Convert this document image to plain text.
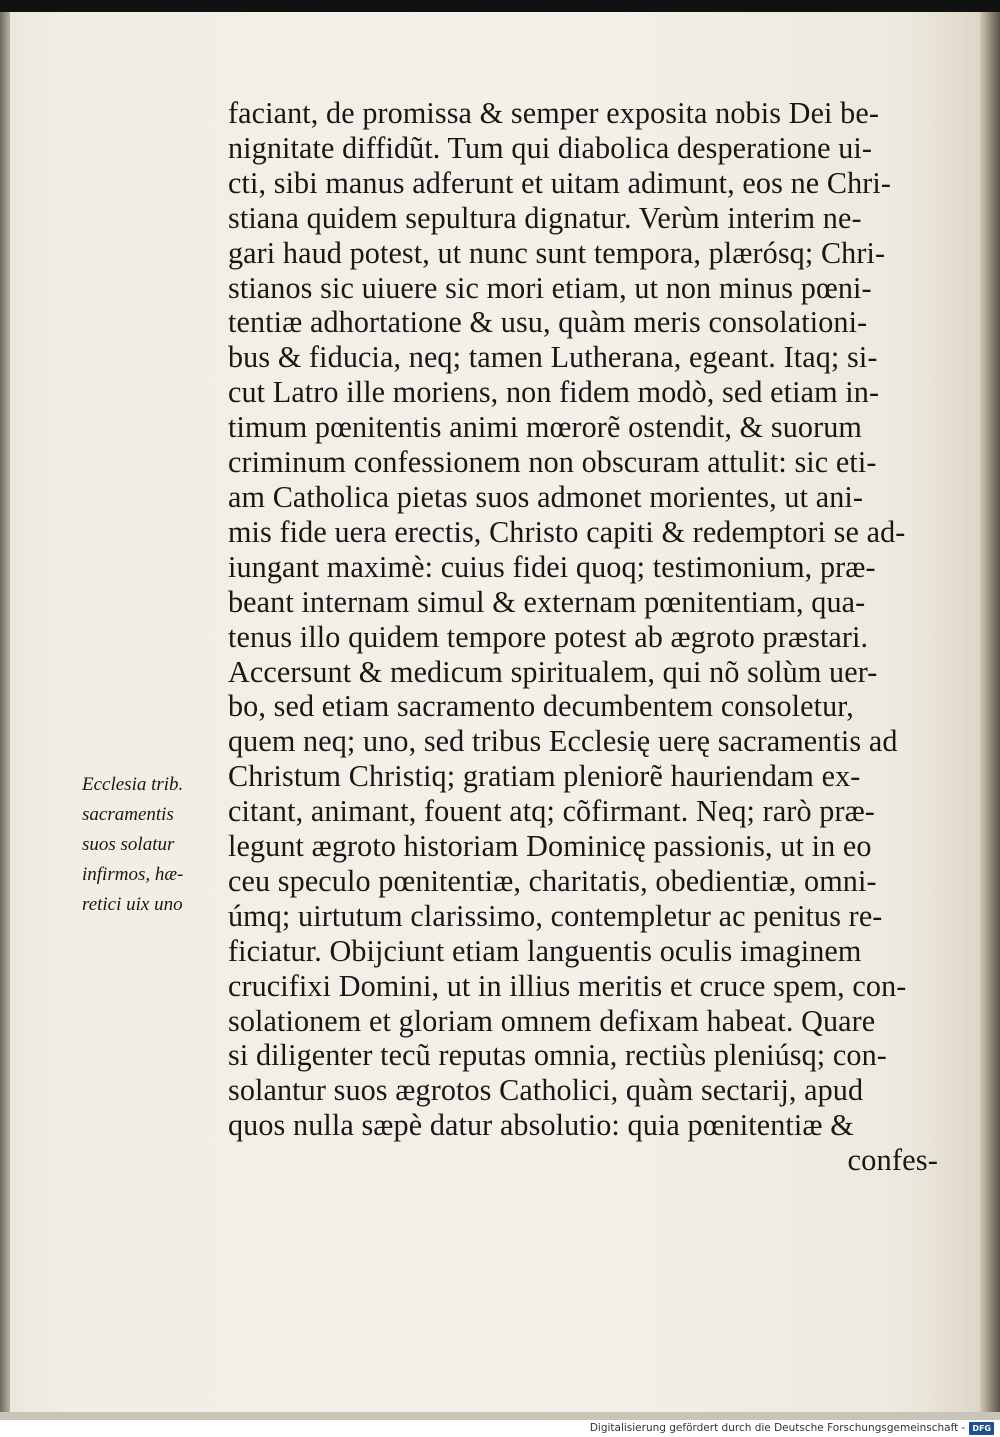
faciant, de promissa & semper exposita nobis Dei be-
nignitate diffidũt. Tum qui diabolica desperatione ui-
cti, sibi manus adferunt et uitam adimunt, eos ne Chri-
stiana quidem sepultura dignatur. Verùm interim ne-
gari haud potest, ut nunc sunt tempora, plærósq; Chri-
stianos sic uiuere sic mori etiam, ut non minus pœni-
tentiæ adhortatione & usu, quàm meris consolationi-
bus & fiducia, neq; tamen Lutherana, egeant. Itaq; si-
cut Latro ille moriens, non fidem modò, sed etiam in-
timum pœnitentis animi mœrorẽ ostendit, & suorum
criminum confessionem non obscuram attulit: sic eti-
am Catholica pietas suos admonet morientes, ut ani-
mis fide uera erectis, Christo capiti & redemptori se ad-
iungant maximè: cuius fidei quoq; testimonium, præ-
beant internam simul & externam pœnitentiam, qua-
tenus illo quidem tempore potest ab ægroto præstari.
Accersunt & medicum spiritualem, qui nõ solùm uer-
bo, sed etiam sacramento decumbentem consoletur,
quem neq; uno, sed tribus Ecclesię uerę sacramentis ad
Christum Christiq; gratiam pleniorẽ hauriendam ex-
citant, animant, fouent atq; cõfirmant. Neq; rarò præ-
legunt ægroto historiam Dominicę passionis, ut in eo
ceu speculo pœnitentiæ, charitatis, obedientiæ, omni-
úmq; uirtutum clarissimo, contempletur ac penitus re-
ficiatur. Obijciunt etiam languentis oculis imaginem
crucifixi Domini, ut in illius meritis et cruce spem, con-
solationem et gloriam omnem defixam habeat. Quare
si diligenter tecũ reputas omnia, rectiùs pleniúsq; con-
solantur suos ægrotos Catholici, quàm sectarij, apud
quos nulla sæpè datur absolutio: quia pœnitentiæ &
confes-
Ecclesia trib.
sacramentis
suos solatur
infirmos, hæ-
retici uix uno
Digitalisierung gefördert durch die Deutsche Forschungsgemeinschaft - DFG
